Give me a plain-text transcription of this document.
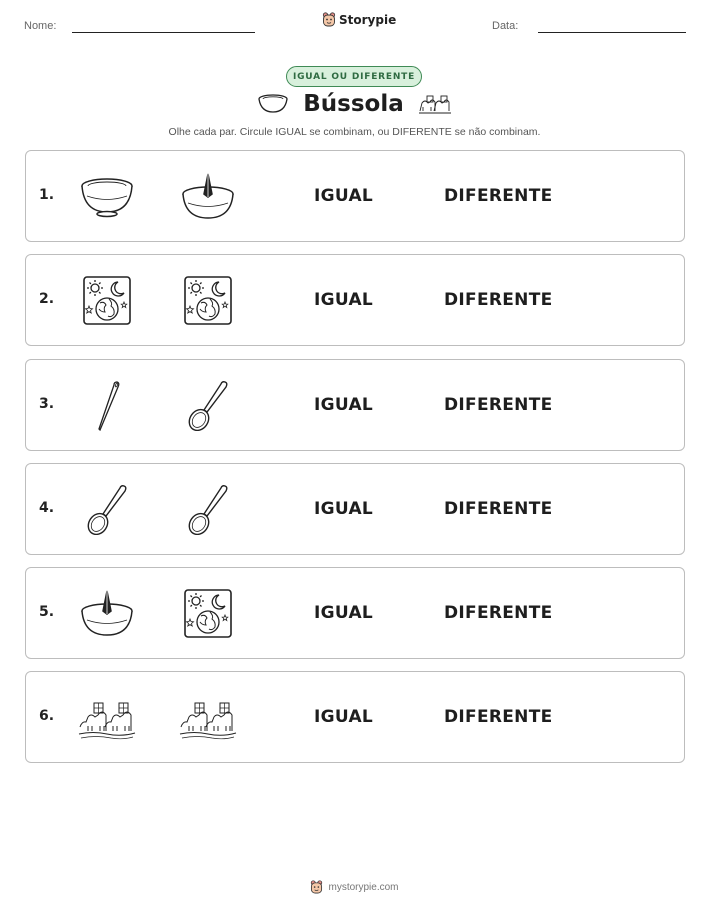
Nome:	Storypie	Data:
IGUAL OU DIFERENTE
Bússola
Olhe cada par. Circule IGUAL se combinam, ou DIFERENTE se não combinam.
1.	IGUAL	DIFERENTE
2.	IGUAL	DIFERENTE
3.	IGUAL	DIFERENTE
4.	IGUAL	DIFERENTE
5.	IGUAL	DIFERENTE
6.	IGUAL	DIFERENTE
mystorypie.com
